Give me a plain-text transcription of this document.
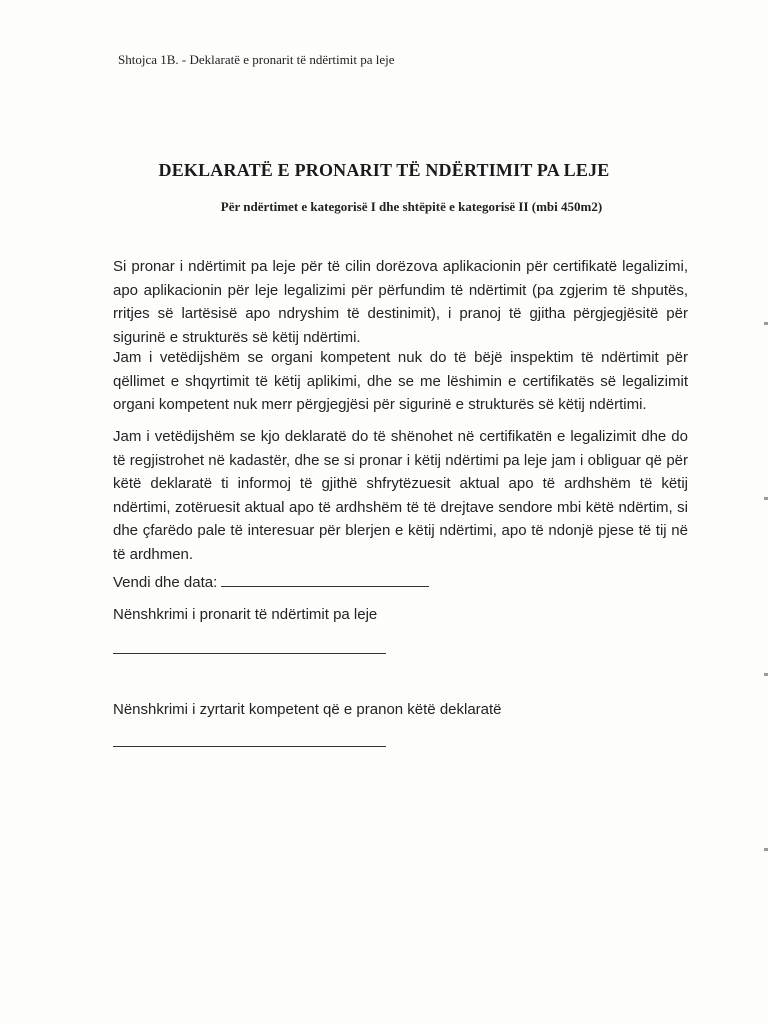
Shtojca 1B. - Deklaratë e pronarit të ndërtimit pa leje
DEKLARATË E PRONARIT TË NDËRTIMIT PA LEJE
Për ndërtimet e kategorisë I dhe shtëpitë e kategorisë II (mbi 450m2)

Si pronar i ndërtimit pa leje për të cilin dorëzova aplikacionin për certifikatë legalizimi, apo aplikacionin për leje legalizimi për përfundim të ndërtimit (pa zgjerim të shputës, rritjes së lartësisë apo ndryshim të destinimit), i pranoj të gjitha përgjegjësitë për sigurinë e strukturës së këtij ndërtimi.

Jam i vetëdijshëm se organi kompetent nuk do të bëjë inspektim të ndërtimit për qëllimet e shqyrtimit të këtij aplikimi, dhe se me lëshimin e certifikatës së legalizimit organi kompetent nuk merr përgjegjësi për sigurinë e strukturës së këtij ndërtimi.

Jam i vetëdijshëm se kjo deklaratë do të shënohet në certifikatën e legalizimit dhe do të regjistrohet në kadastër, dhe se si pronar i këtij ndërtimi pa leje jam i obliguar që për këtë deklaratë ti informoj të gjithë shfrytëzuesit aktual apo të ardhshëm të këtij ndërtimi, zotëruesit aktual apo të ardhshëm të të drejtave sendore mbi këtë ndërtim, si dhe çfarëdo pale të interesuar për blerjen e këtij ndërtimi, apo të ndonjë pjese të tij në të ardhmen.

Vendi dhe data:
Nënshkrimi i pronarit të ndërtimit pa leje
Nënshkrimi i zyrtarit kompetent që e pranon këtë deklaratë
